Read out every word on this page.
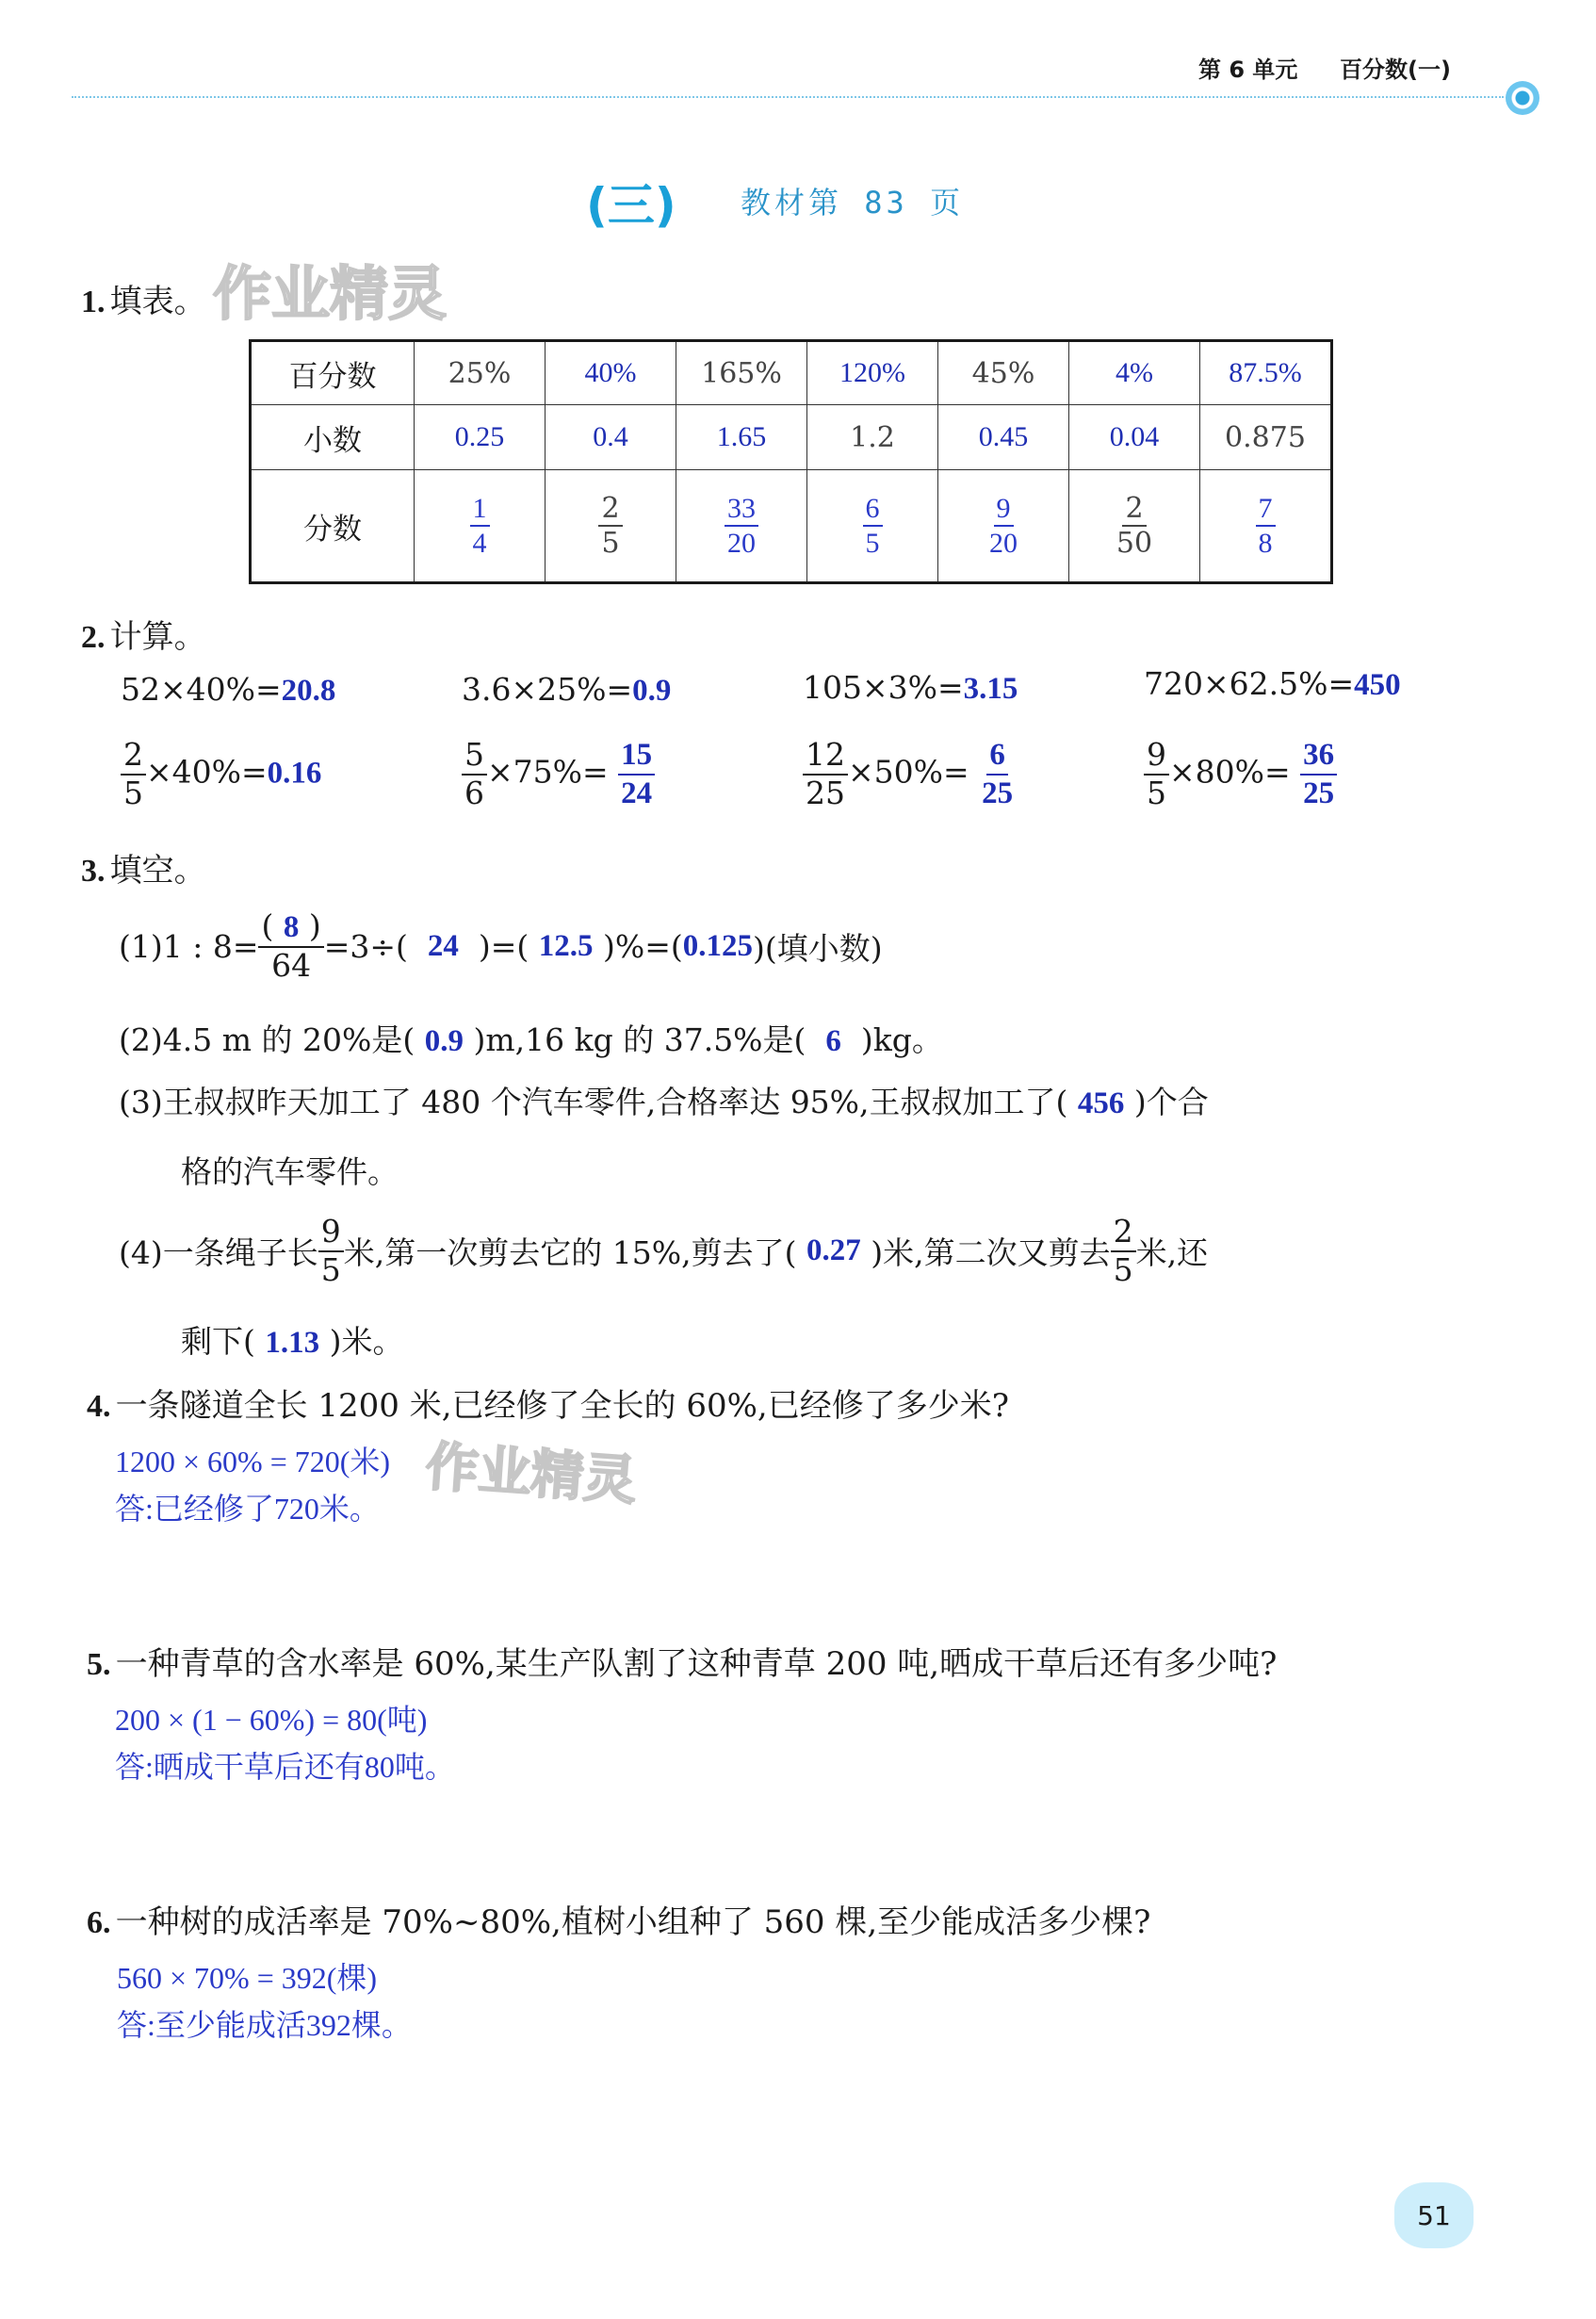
第 6 单元 百分数(一)
(三) 教材第 83 页
作业精灵
作业精灵
1. 填表。
百分数	25%	40%	165%	120%	45%	4%	87.5%
小数	0.25	0.4	1.65	1.2	0.45	0.04	0.875
分数	$\frac{1}{4}$	$\frac{2}{5}$	$\frac{33}{20}$	$\frac{6}{5}$	$\frac{9}{20}$	$\frac{2}{50}$	$\frac{7}{8}$
2. 计算。
52×40%=20.8	3.6×25%=0.9	105×3%=3.15	720×62.5%=450
$\frac{2}{5} \times 40\%=0.16$	$\frac{5}{6} \times 75\%= \frac{15}{24}$	$\frac{12}{25} \times 50\%= \frac{6}{25}$	$\frac{9}{5} \times 80\%= \frac{36}{25}$
3. 填空。
(1)1 : $8= \frac{( 8 )}{64} =3\div$(
24
)=(
12.5
)%=( 0.125 )(填小数)
(2)4.5 m 的 20%是( 0.9 )m,16 kg 的 37.5%是( 6 )kg。
(3)王叔叔昨天加工了 480 个汽车零件,合格率达 95%,王叔叔加工了( 456 )个合
格的汽车零件。
(4)一条绳子长 $\frac{9}{5}$ 米,第一次剪去它的 15%,剪去了(
0.27
)米,第二次又剪去 $\frac{2}{5}$ 米,还
剩下( 1.13 )米。
4. 一条隧道全长 1200 米,已经修了全长的 60%,已经修了多少米?
1200 × 60% = 720(米)
答:已经修了720米。
5. 一种青草的含水率是 60%,某生产队割了这种青草 200 吨,晒成干草后还有多少吨?
200 × (1 − 60%) = 80(吨)
答:晒成干草后还有80吨。
6. 一种树的成活率是 70%~80%,植树小组种了 560 棵,至少能成活多少棵?
560 × 70% = 392(棵)
答:至少能成活392棵。
51
